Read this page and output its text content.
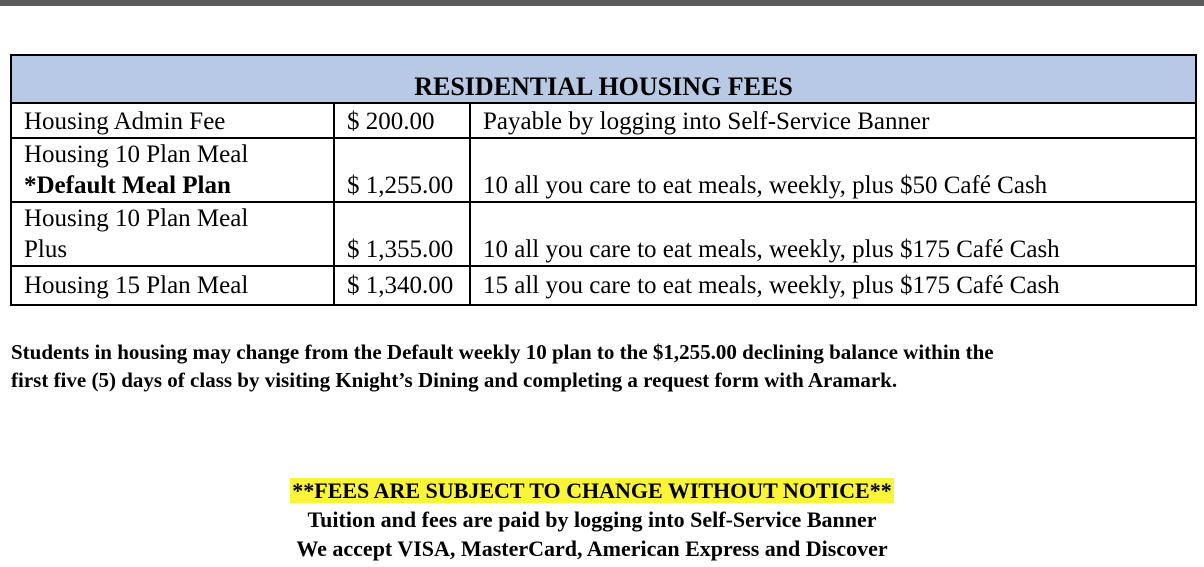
RESIDENTIAL HOUSING FEES		
Housing Admin Fee	$ 200.00	Payable by logging into Self-Service Banner

Housing 10 Plan Meal
*Default Meal Plan	$ 1,255.00	10 all you care to eat meals, weekly, plus $50 Café Cash

Housing 10 Plan Meal
Plus	$ 1,355.00	10 all you care to eat meals, weekly, plus $175 Café Cash
Housing 15 Plan Meal	$ 1,340.00	15 all you care to eat meals, weekly, plus $175 Café Cash
Students in housing may change from the Default weekly 10 plan to the $1,255.00 declining balance within the
first five (5) days of class by visiting Knight’s Dining and completing a request form with Aramark.
**FEES ARE SUBJECT TO CHANGE WITHOUT NOTICE**
Tuition and fees are paid by logging into Self-Service Banner
We accept VISA, MasterCard, American Express and Discover
